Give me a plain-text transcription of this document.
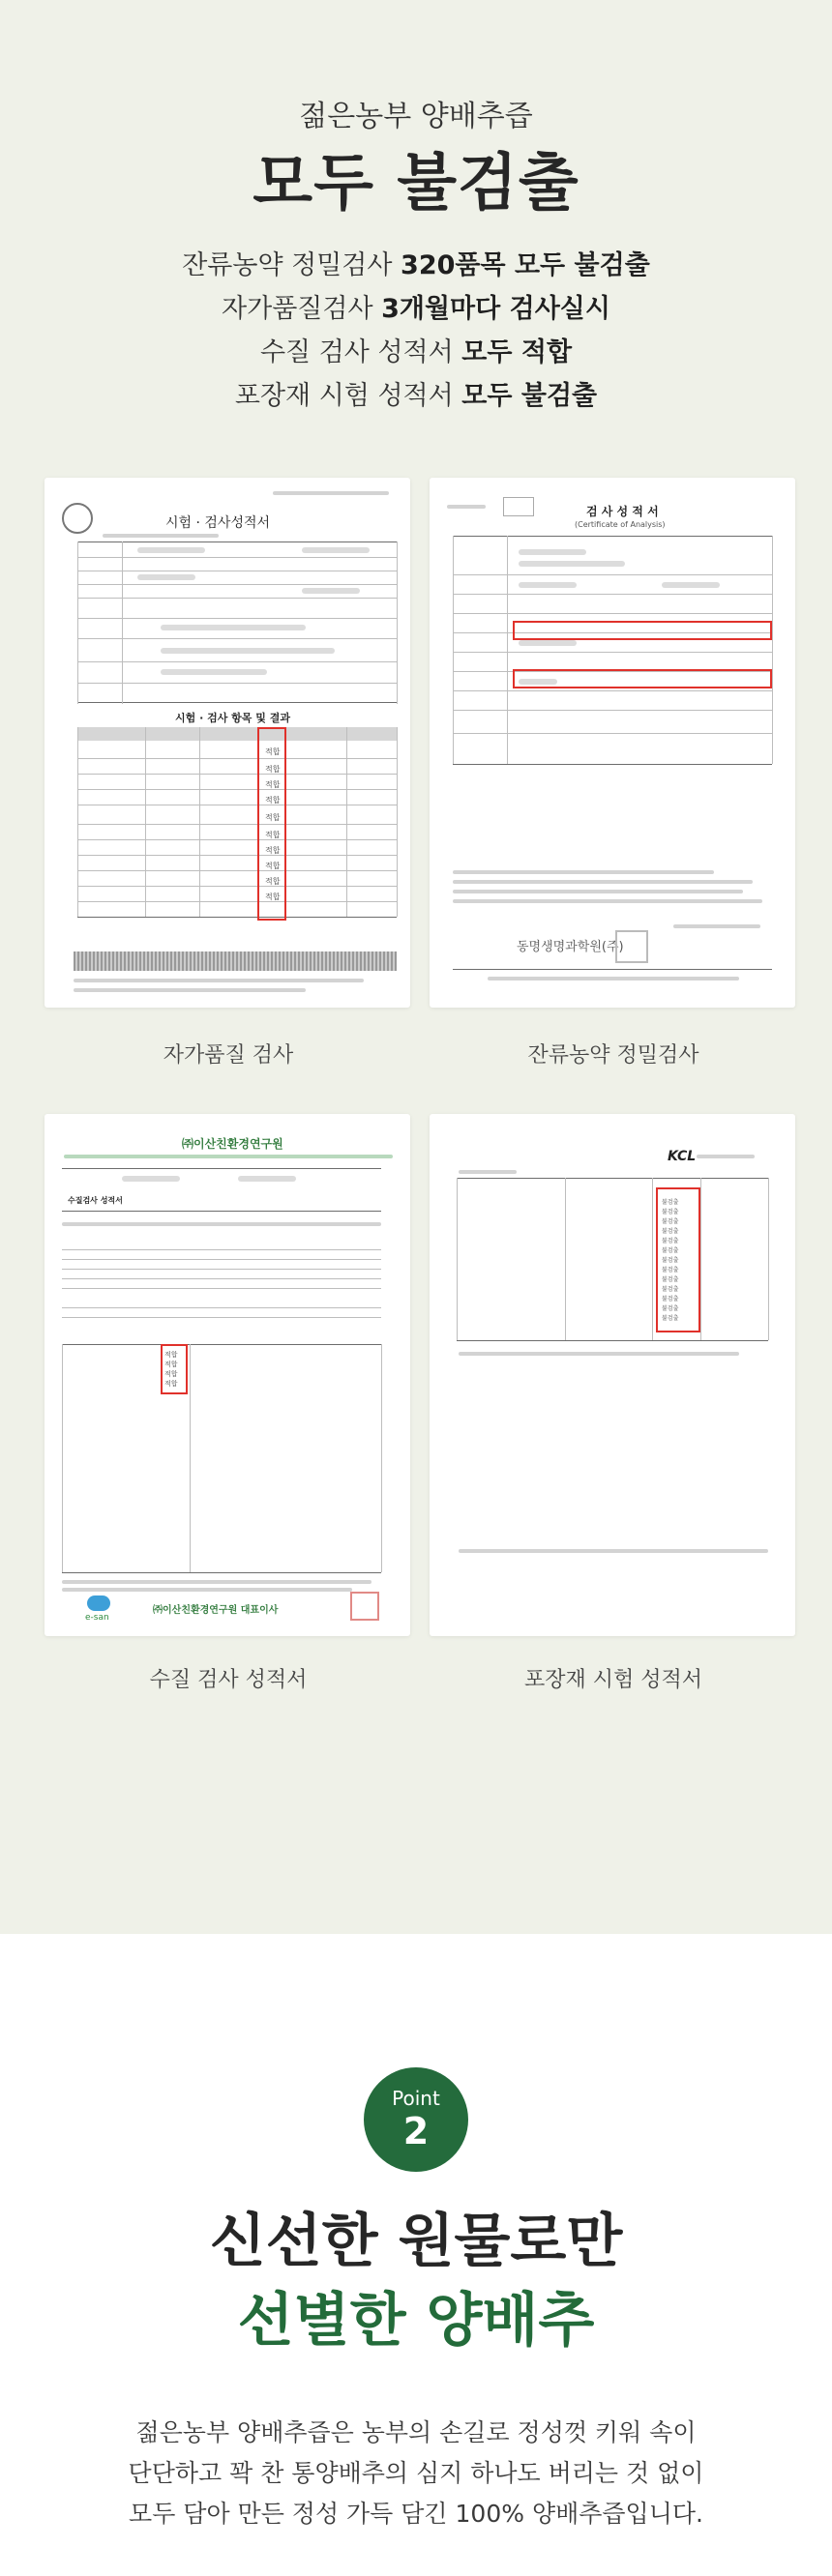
젊은농부 양배추즙
모두 불검출
잔류농약 정밀검사 320품목 모두 불검출
자가품질검사 3개월마다 검사실시
수질 검사 성적서 모두 적합
포장재 시험 성적서 모두 불검출
시험 · 검사성적서
시험 · 검사 항목 및 결과
적합
적합
적합
적합
적합
적합
적합
적합
적합
적합
자가품질 검사
검 사 성 적 서
(Certificate of Analysis)
동명생명과학원(주)
잔류농약 정밀검사
㈜이산친환경연구원
수질검사 성적서
적합
적합
적합
적합
e-san
㈜이산친환경연구원 대표이사
수질 검사 성적서
KCL
불검출
불검출
불검출
불검출
불검출
불검출
불검출
불검출
불검출
불검출
불검출
불검출
불검출
포장재 시험 성적서
Point
2
신선한 원물로만
선별한 양배추
젊은농부 양배추즙은 농부의 손길로 정성껏 키워 속이
단단하고 꽉 찬 통양배추의 심지 하나도 버리는 것 없이
모두 담아 만든 정성 가득 담긴 100% 양배추즙입니다.
